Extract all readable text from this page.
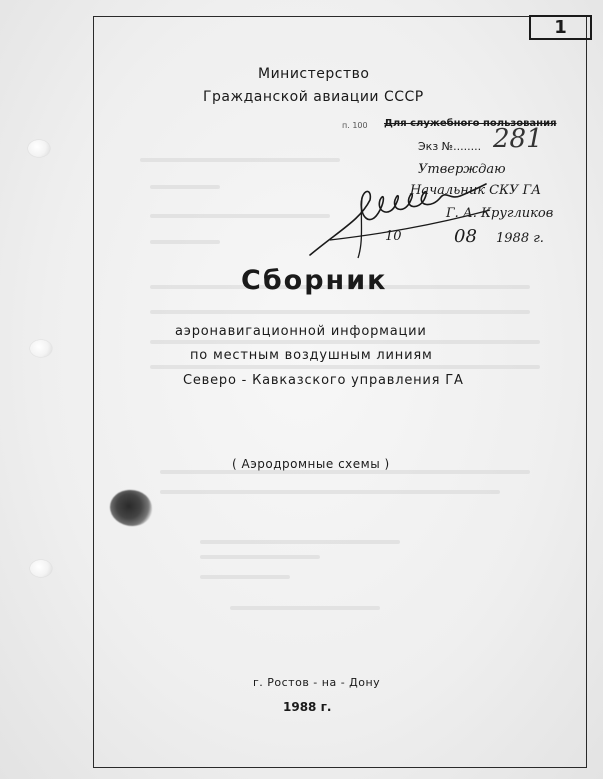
1
Министерство
Гражданской авиации СССР
п. 100 Для служебного пользования
Экз №........ 281
Утверждаю
Начальник СКУ ГА
Г. А. Кругликов
10	08 1988 г.
Сборник
аэронавигационной информации
по местным воздушным линиям
Северо - Кавказского управления ГА
( Аэродромные схемы )
г. Ростов - на - Дону
1988 г.
